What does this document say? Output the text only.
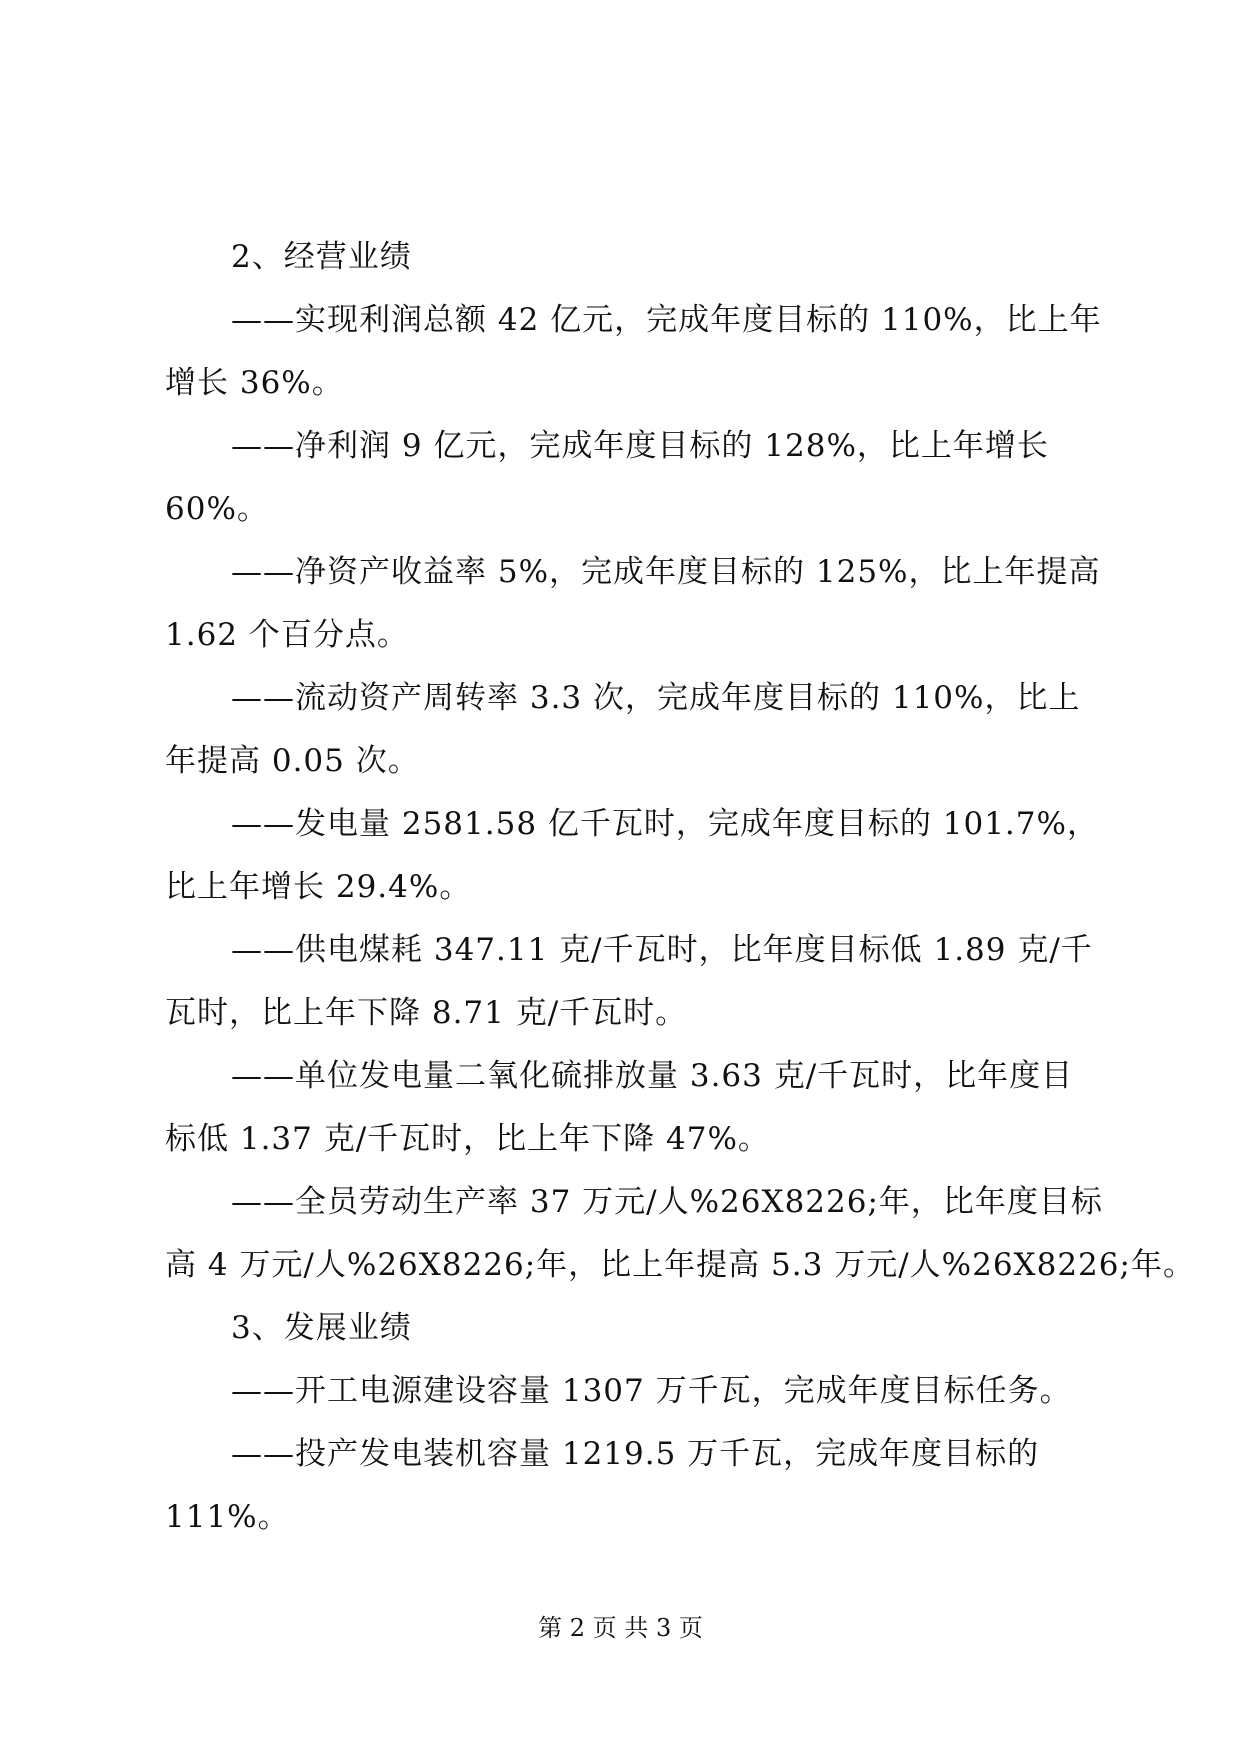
2、经营业绩
——实现利润总额 42 亿元，完成年度目标的 110%，比上年
增长 36%。
——净利润 9 亿元，完成年度目标的 128%，比上年增长
60%。
——净资产收益率 5%，完成年度目标的 125%，比上年提高
1.62 个百分点。
——流动资产周转率 3.3 次，完成年度目标的 110%，比上
年提高 0.05 次。
——发电量 2581.58 亿千瓦时，完成年度目标的 101.7%，
比上年增长 29.4%。
——供电煤耗 347.11 克/千瓦时，比年度目标低 1.89 克/千
瓦时，比上年下降 8.71 克/千瓦时。
——单位发电量二氧化硫排放量 3.63 克/千瓦时，比年度目
标低 1.37 克/千瓦时，比上年下降 47%。
——全员劳动生产率 37 万元/人%26X8226;年，比年度目标
高 4 万元/人%26X8226;年，比上年提高 5.3 万元/人%26X8226;年。
3、发展业绩
——开工电源建设容量 1307 万千瓦，完成年度目标任务。
——投产发电装机容量 1219.5 万千瓦，完成年度目标的
111%。
第 2 页 共 3 页
